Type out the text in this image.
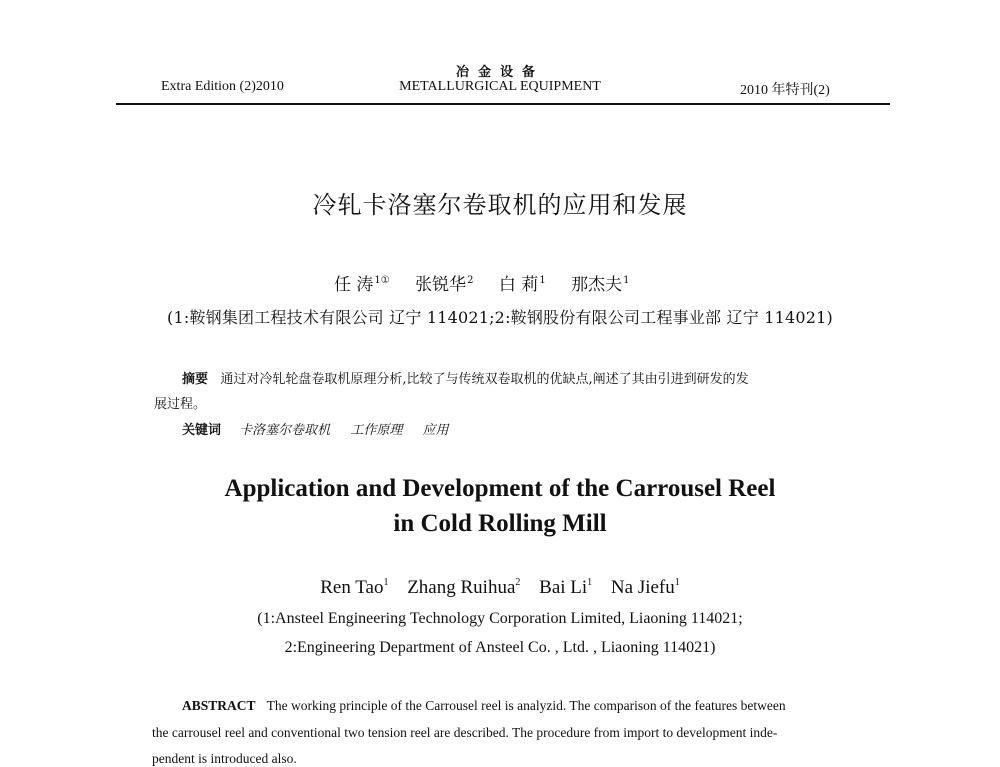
Extra Edition (2)2010
冶金设备
METALLURGICAL EQUIPMENT	2010 年特刊(2)
冷轧卡洛塞尔卷取机的应用和发展
任 涛$^{1①}$ 张锐华$^2$ 白 莉$^1$ 那杰夫$^1$
(1:鞍钢集团工程技术有限公司 辽宁 114021;2:鞍钢股份有限公司工程事业部 辽宁 114021)
摘要 通过对冷轧轮盘卷取机原理分析,比较了与传统双卷取机的优缺点,阐述了其由引进到研发的发
展过程。
关键词 卡洛塞尔卷取机 工作原理 应用
Application and Development of the Carrousel Reel
in Cold Rolling Mill
Ren Tao$^1$ Zhang Ruihua$^2$ Bai Li$^1$ Na Jiefu$^1$
(1:Ansteel Engineering Technology Corporation Limited, Liaoning 114021;
2:Engineering Department of Ansteel Co. , Ltd. , Liaoning 114021)
ABSTRACT The working principle of the Carrousel reel is analyzid. The comparison of the features between
the carrousel reel and conventional two tension reel are described. The procedure from import to development inde-
pendent is introduced also.
